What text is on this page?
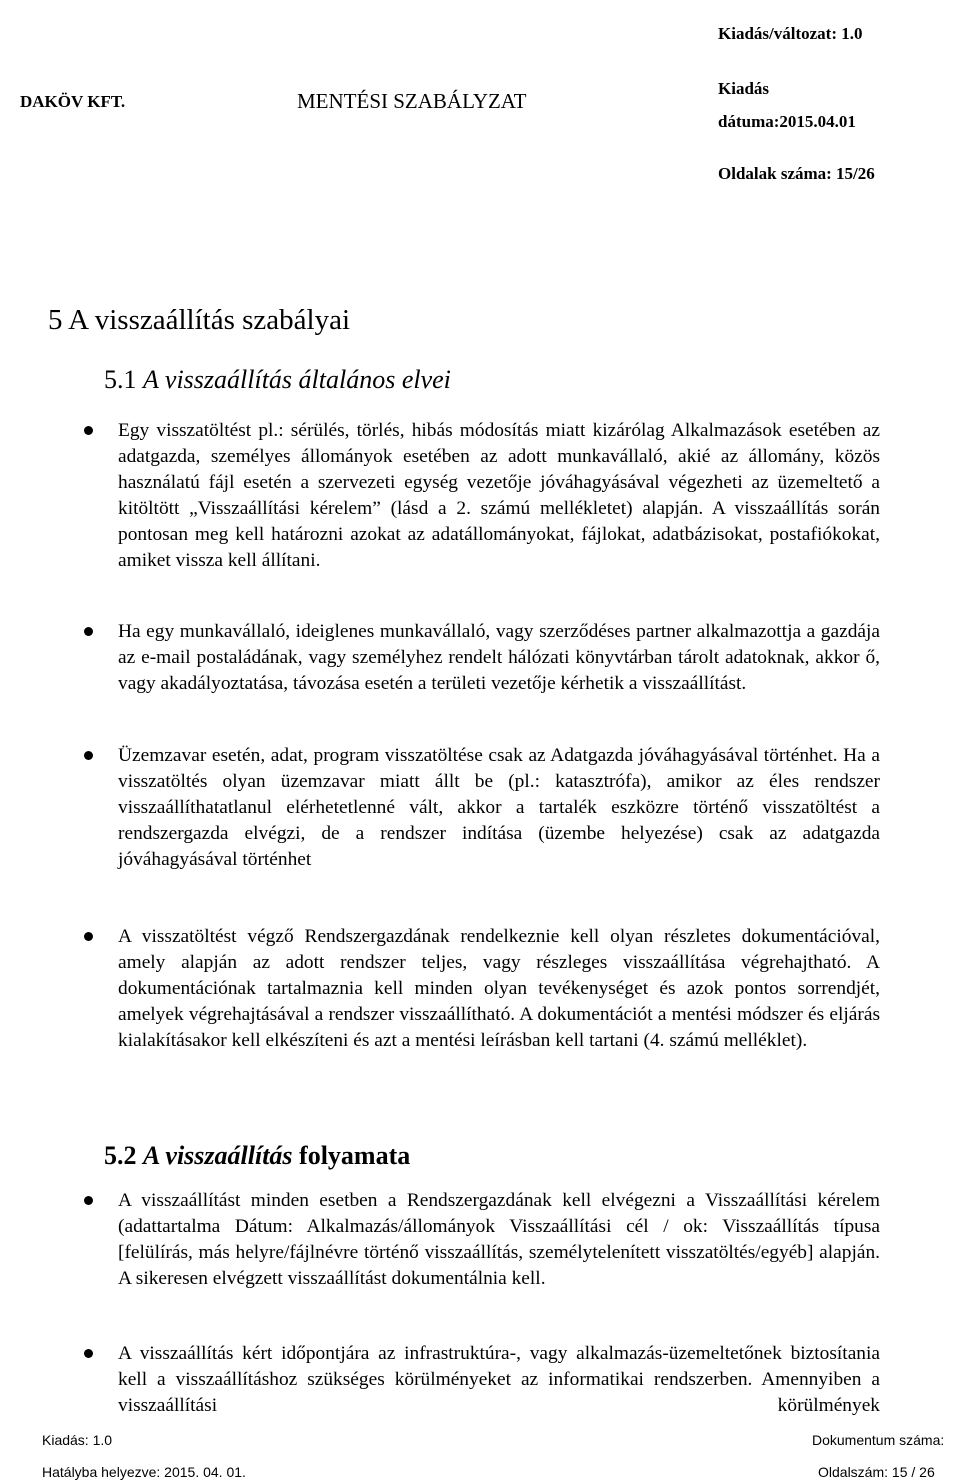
Kiadás/változat: 1.0
DAKÖV KFT.	MENTÉSI SZABÁLYZAT
Kiadás
dátuma:2015.04.01
Oldalak száma: 15/26
5 A visszaállítás szabályai
5.1 A visszaállítás általános elvei
Egy visszatöltést pl.: sérülés, törlés, hibás módosítás miatt kizárólag Alkalmazások esetében az adatgazda, személyes állományok esetében az adott munkavállaló, akié az állomány, közös használatú fájl esetén a szervezeti egység vezetője jóváhagyásával végezheti az üzemeltető a kitöltött „Visszaállítási kérelem” (lásd a 2. számú mellékletet) alapján. A visszaállítás során pontosan meg kell határozni azokat az adatállományokat, fájlokat, adatbázisokat, postafiókokat, amiket vissza kell állítani.
Ha egy munkavállaló, ideiglenes munkavállaló, vagy szerződéses partner alkalmazottja a gazdája az e-mail postaládának, vagy személyhez rendelt hálózati könyvtárban tárolt adatoknak, akkor ő, vagy akadályoztatása, távozása esetén a területi vezetője kérhetik a visszaállítást.
Üzemzavar esetén, adat, program visszatöltése csak az Adatgazda jóváhagyásával történhet. Ha a visszatöltés olyan üzemzavar miatt állt be (pl.: katasztrófa), amikor az éles rendszer visszaállíthatatlanul elérhetetlenné vált, akkor a tartalék eszközre történő visszatöltést a rendszergazda elvégzi, de a rendszer indítása (üzembe helyezése) csak az adatgazda jóváhagyásával történhet
A visszatöltést végző Rendszergazdának rendelkeznie kell olyan részletes dokumentációval, amely alapján az adott rendszer teljes, vagy részleges visszaállítása végrehajtható. A dokumentációnak tartalmaznia kell minden olyan tevékenységet és azok pontos sorrendjét, amelyek végrehajtásával a rendszer visszaállítható. A dokumentációt a mentési módszer és eljárás kialakításakor kell elkészíteni és azt a mentési leírásban kell tartani (4. számú melléklet).
5.2 A visszaállítás folyamata
A visszaállítást minden esetben a Rendszergazdának kell elvégezni a Visszaállítási kérelem (adattartalma Dátum: Alkalmazás/állományok Visszaállítási cél / ok: Visszaállítás típusa [felülírás, más helyre/fájlnévre történő visszaállítás, személytelenített visszatöltés/egyéb] alapján. A sikeresen elvégzett visszaállítást dokumentálnia kell.
A visszaállítás kért időpontjára az infrastruktúra-, vagy alkalmazás-üzemeltetőnek biztosítania kell a visszaállításhoz szükséges körülményeket az informatikai rendszerben. Amennyiben a visszaállítási körülmények
Kiadás: 1.0	Dokumentum száma:
Hatályba helyezve: 2015. 04. 01.	Oldalszám: 15 / 26
